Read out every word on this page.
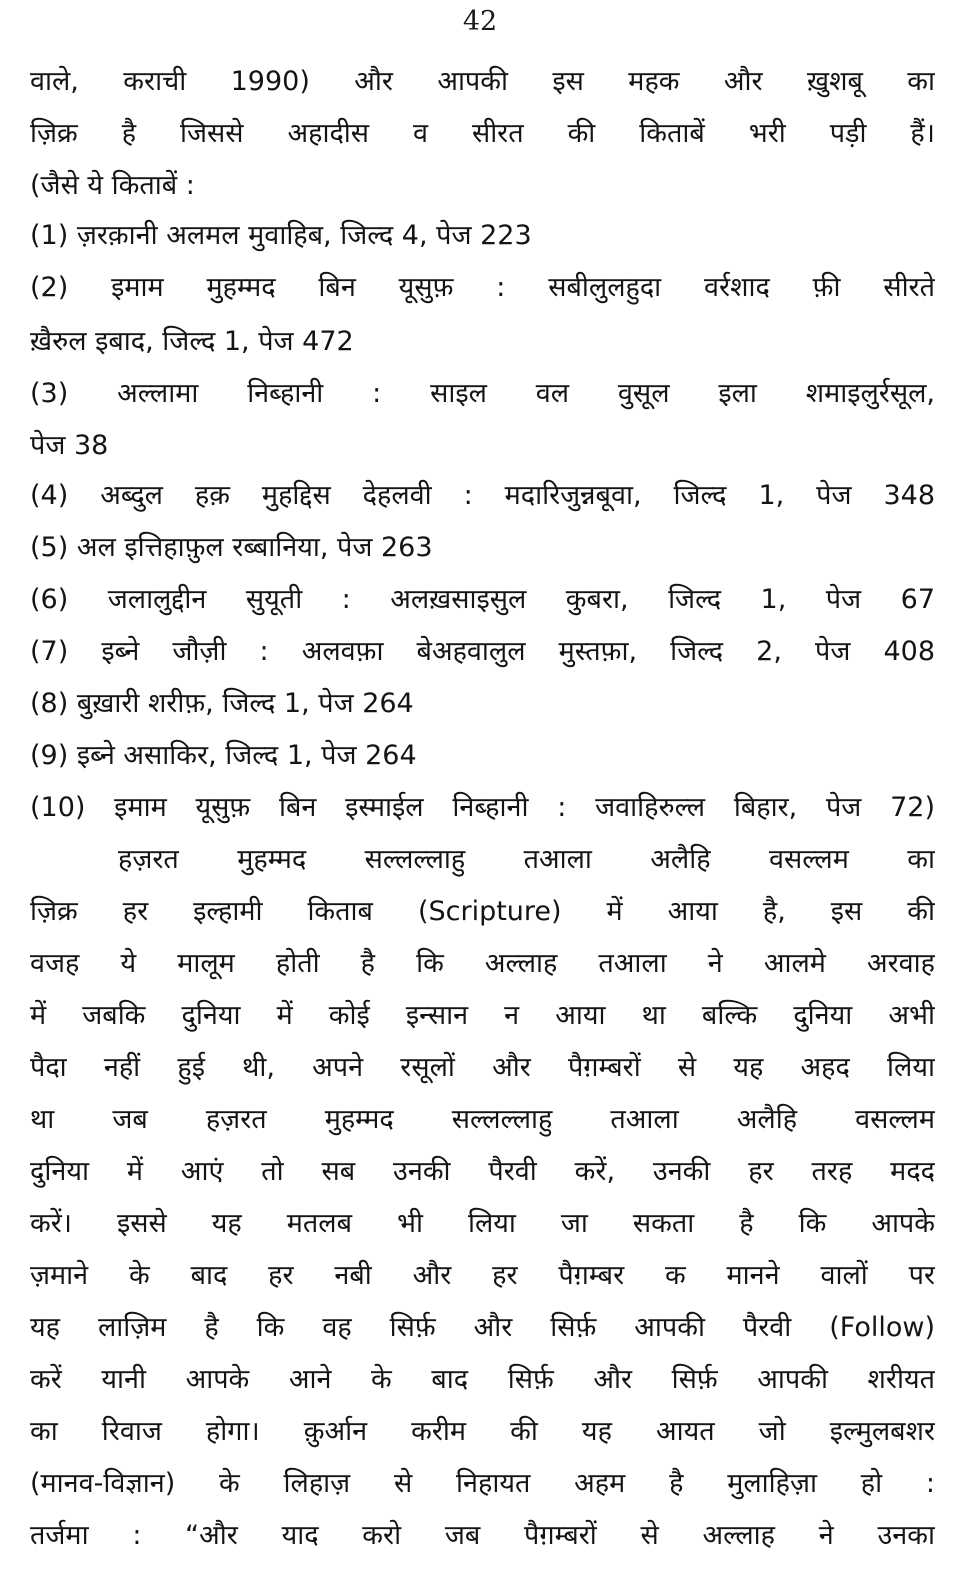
42
वाले, कराची 1990) और आपकी इस महक और ख़ुशबू का
ज़िक्र है जिससे अहादीस व सीरत की किताबें भरी पड़ी हैं।
(जैसे ये किताबें :
(1) ज़रक़ानी अलमल मुवाहिब, जिल्द 4, पेज 223
(2) इमाम मुहम्मद बिन यूसुफ़ : सबीलुलहुदा वर्रशाद फ़ी सीरते
ख़ैरुल इबाद, जिल्द 1, पेज 472
(3) अल्लामा निब्हानी : साइल वल वुसूल इला शमाइलुर्रसूल,
पेज 38
(4) अब्दुल हक़ मुहद्दिस देहलवी : मदारिजुन्नबूवा, जिल्द 1, पेज 348
(5) अल इत्तिहाफ़ुल रब्बानिया, पेज 263
(6) जलालुद्दीन सुयूती : अलख़साइसुल कुबरा, जिल्द 1, पेज 67
(7) इब्ने जौज़ी : अलवफ़ा बेअहवालुल मुस्तफ़ा, जिल्द 2, पेज 408
(8) बुख़ारी शरीफ़, जिल्द 1, पेज 264
(9) इब्ने असाकिर, जिल्द 1, पेज 264
(10) इमाम यूसुफ़ बिन इस्माईल निब्हानी : जवाहिरुल्ल बिहार, पेज 72)
हज़रत मुहम्मद सल्लल्लाहु तआला अलैहि वसल्लम का
ज़िक्र हर इल्हामी किताब (Scripture) में आया है, इस की
वजह ये मालूम होती है कि अल्लाह तआला ने आलमे अरवाह
में जबकि दुनिया में कोई इन्सान न आया था बल्कि दुनिया अभी
पैदा नहीं हुई थी, अपने रसूलों और पैग़म्बरों से यह अहद लिया
था जब हज़रत मुहम्मद सल्लल्लाहु तआला अलैहि वसल्लम
दुनिया में आएं तो सब उनकी पैरवी करें, उनकी हर तरह मदद
करें। इससे यह मतलब भी लिया जा सकता है कि आपके
ज़माने के बाद हर नबी और हर पैग़म्बर क मानने वालों पर
यह लाज़िम है कि वह सिर्फ़ और सिर्फ़ आपकी पैरवी (Follow)
करें यानी आपके आने के बाद सिर्फ़ और सिर्फ़ आपकी शरीयत
का रिवाज होगा। क़ुर्आन करीम की यह आयत जो इल्मुलबशर
(मानव-विज्ञान) के लिहाज़ से निहायत अहम है मुलाहिज़ा हो :
तर्जमा : “और याद करो जब पैग़म्बरों से अल्लाह ने उनका
